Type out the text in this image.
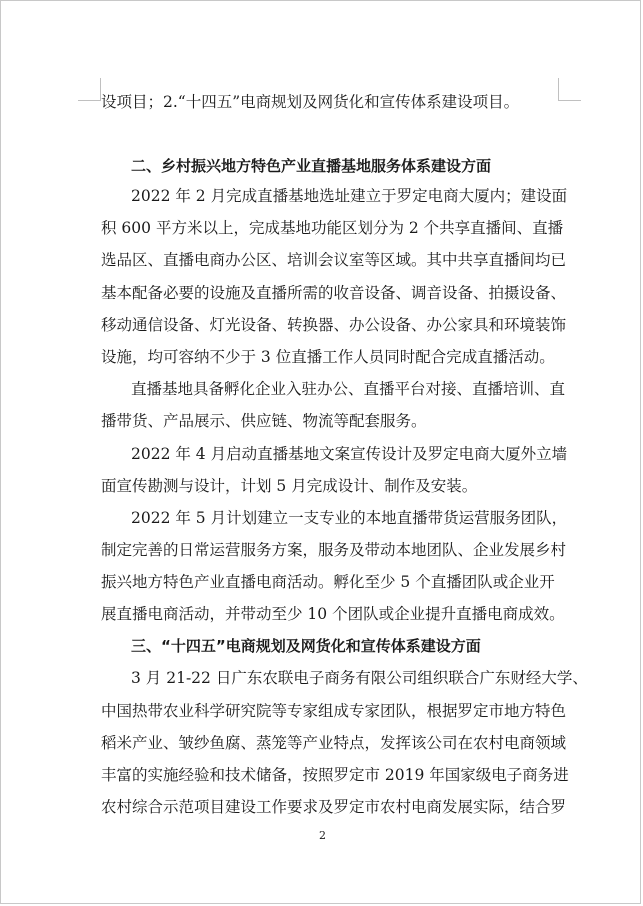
设项目；2.“十四五”电商规划及网货化和宣传体系建设项目。
二、乡村振兴地方特色产业直播基地服务体系建设方面
2022 年 2 月完成直播基地选址建立于罗定电商大厦内；建设面
积 600 平方米以上，完成基地功能区划分为 2 个共享直播间、直播
选品区、直播电商办公区、培训会议室等区域。其中共享直播间均已
基本配备必要的设施及直播所需的收音设备、调音设备、拍摄设备、
移动通信设备、灯光设备、转换器、办公设备、办公家具和环境装饰
设施，均可容纳不少于 3 位直播工作人员同时配合完成直播活动。
直播基地具备孵化企业入驻办公、直播平台对接、直播培训、直
播带货、产品展示、供应链、物流等配套服务。
2022 年 4 月启动直播基地文案宣传设计及罗定电商大厦外立墙
面宣传勘测与设计，计划 5 月完成设计、制作及安装。
2022 年 5 月计划建立一支专业的本地直播带货运营服务团队，
制定完善的日常运营服务方案，服务及带动本地团队、企业发展乡村
振兴地方特色产业直播电商活动。孵化至少 5 个直播团队或企业开
展直播电商活动，并带动至少 10 个团队或企业提升直播电商成效。
三、“十四五”电商规划及网货化和宣传体系建设方面
3 月 21-22 日广东农联电子商务有限公司组织联合广东财经大学、
中国热带农业科学研究院等专家组成专家团队，根据罗定市地方特色
稻米产业、皱纱鱼腐、蒸笼等产业特点，发挥该公司在农村电商领域
丰富的实施经验和技术储备，按照罗定市 2019 年国家级电子商务进
农村综合示范项目建设工作要求及罗定市农村电商发展实际，结合罗
2
